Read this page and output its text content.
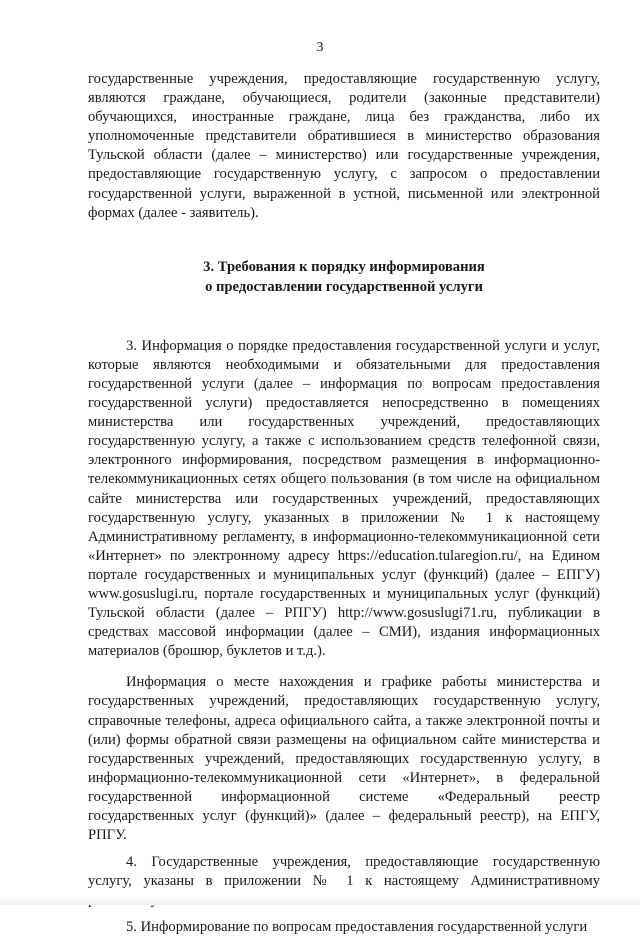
3

государственные учреждения, предоставляющие государственную услугу, являются граждане, обучающиеся, родители (законные представители) обучающихся, иностранные граждане, лица без гражданства, либо их уполномоченные представители обратившиеся в министерство образования Тульской области (далее – министерство) или государственные учреждения, предоставляющие государственную услугу, с запросом о предоставлении государственной услуги, выраженной в устной, письменной или электронной формах (далее - заявитель).

3. Требования к порядку информирования
о предоставлении государственной услуги

3. Информация о порядке предоставления государственной услуги и услуг, которые являются необходимыми и обязательными для предоставления государственной услуги (далее – информация по вопросам предоставления государственной услуги) предоставляется непосредственно в помещениях министерства или государственных учреждений, предоставляющих государственную услугу, а также с использованием средств телефонной связи, электронного информирования, посредством размещения в информационно-телекоммуникационных сетях общего пользования (в том числе на официальном сайте министерства или государственных учреждений, предоставляющих государственную услугу, указанных в приложении № 1 к настоящему Административному регламенту, в информационно-телекоммуникационной сети «Интернет» по электронному адресу https://education.tularegion.ru/, на Едином портале государственных и муниципальных услуг (функций) (далее – ЕПГУ) www.gosuslugi.ru, портале государственных и муниципальных услуг (функций) Тульской области (далее – РПГУ) http://www.gosuslugi71.ru, публикации в средствах массовой информации (далее – СМИ), издания информационных материалов (брошюр, буклетов и т.д.).

Информация о месте нахождения и графике работы министерства и государственных учреждений, предоставляющих государственную услугу, справочные телефоны, адреса официального сайта, а также электронной почты и (или) формы обратной связи размещены на официальном сайте министерства и государственных учреждений, предоставляющих государственную услугу, в информационно-телекоммуникационной сети «Интернет», в федеральной государственной информационной системе «Федеральный реестр государственных услуг (функций)» (далее – федеральный реестр), на ЕПГУ, РПГУ.

4. Государственные учреждения, предоставляющие государственную услугу, указаны в приложении № 1 к настоящему Административному

5. Информирование по вопросам предоставления государственной услуги
